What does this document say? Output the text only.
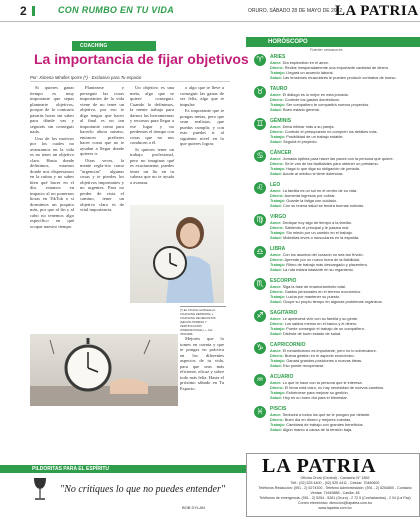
2	CON RUMBO EN TU VIDA	ORURO, SÁBADO 28 DE MAYO DE 2022
LA PATRIA
COACHING
La importancia de fijar objetivos
Por: Ximena Miralles Iporre (*) - Exclusivo para Tu espacio

Si quieres ganar tiempo es muy importante que sepas plantearte objetivos, porque de lo contrario pasarás horas sin saber para dónde vas y seguirás sin conseguir nada.

Uno de los motivos por los cuales no avanzamos en la vida es no tener un objetivo claro. Hasta donde definimos, estamos donde nos dispersamos en la rutina y no sabes bien qué hacer en el día, estamos en impacto al no ponernos horas en TikTok o si dormimos un poquito más, por que al fin y al cabo no tenemos algo específico en qué ocupar nuestro tiempo.

Plantearse y perseguir las cosas importantes de la vida viene de no tener un objetivo, por eso te digo tengas que hacer al final es no tan importante como para hacerlo ahora mismo, entonces prefieres hacer cosas que no te ayudan a llegar donde quieres ir.

Otras veces, la mente regla-rito como "urgencias" algunas cosas y te pierdes los objetivos importantes y no urgentes. Para no perder de vista el camino, tener un objetivo claro es de vital importancia.

Un objetivo es una meta, algo que se quiere conseguir. Cuando lo definimos, la mente trabaja para darnos las herramientas y recursos para llegar a ese lugar y no perdemos el tiempo con cosas que no nos conducen a él.

Si quieres tener un trabajo profesional, pero no imaginas qué es exactamente, puedes tener un lío en tu cabeza que no te ayuda a avanzar.

o algo que te lleve a conseguir las ganas de ser feliz, algo que te impulse.

Es importante que te pongas metas, pero que sean realistas, que puedas cumplir, y con esto puedes ir al siguiente nivel en lo que quieres lograr.

(*) Es COACH certificada en COACHING PERSONAL y COACHING DE NEGOCIOS (SEGÚN NORMAS Y CERTIFICACIÓN INTERNACIONAL) — Cel. 76913366

Mejores que lo tomes en cuenta y que te pongas en práctica en los diferentes aspectos de tu vida, para que seas más eficiente, eficaz y sobre todo más feliz. Hasta el próximo sábado en Tu Espacio.

PILDORITAS PARA EL ESPÍRITU
"No critiques lo que no puedes entender"
BOB DYLAN
HORÓSCOPO
Fuente: semana.es
♈	ARIES
Amor: Día esplendido en el amor.
Dinero: Recibe inesperadamente una importante cantidad de dinero.
Trabajo: Llegará un acuerdo laboral.
Salud: Las tensiones musculares le pueden producir contratos de hueso.
♉	TAURO
Amor: El diálogo es lo mejor en esta jornada.
Dinero: Controle los gastos domésticos.
Trabajo: Ser compañero te compartirá nuevos proyectos.
Salud: Buen estado general.
♊	GÉMINIS
Amor: Deba intimar más a su pareja.
Dinero: Controle el presupuesto no compren los detalles más.
Trabajo: Posibilidad de un trabajo estable.
Salud: Seguirá el proyecto.
♋	CÁNCER
Amor: Jornada óptima para hacer las paces con la persona que quiere.
Dinero: Se le van de las facilidades para obtener un préstamo.
Trabajo: Haga lo que diga su obligación de jornada.
Salud: Acude al médico si tiene dolencias.
♌	LEO
Amor: La familia es un sol en el centro de su vida.
Dinero: Aumenta ingresos por cobrar.
Trabajo: Guarde la fatiga con cuidado.
Salud: Con su buena salud se tendrá buenas noticias.
♍	VIRGO
Amor: Dedique hoy algo de tiempo a la familia.
Dinero: Sabiendo el principal y le pasará mal.
Trabajo: Sin miedo por un cambio en el trabajo.
Salud: Molestias leves o musculares en la espalda.
♎	LIBRA
Amor: Con los asuntos del corazón no sea tan frívolo.
Dinero: Aprende por un nuevo fuera de la fiabilidad.
Trabajo: Ritmo de trabajo más descargado y placentero.
Salud: La ruta estará bastante en su organismo.
♏	ESCORPIO
Amor: Siga la fase de enamoramiento total.
Dinero: Gastos personales en el terreno económico.
Trabajo: Lucha por mantener su puesto.
Salud: Ocupe su propio tiempo en algunas problemas orgánicos.
♐	SAGITARIO
Amor: Le apetecerá vivir con su familia y su gente.
Dinero: Los saldos menos en el banco y el dinero.
Trabajo: Puede conseguir el trabajo de un compañero.
Salud: Disfrute de buen estado de salud.
♑	CAPRICORNIO
Amor: El romanticismo es importante, pero no lo sobrevalore.
Dinero: Buena gestión en el aspecto económico.
Trabajo: Ganará grandes posiciones o nuevas ideas.
Salud: Eso puede recuperarse.
♒	ACUARIO
Amor: Lo que te hace con la persona que le interesa.
Dinero: El tema está claro, no hay necesidad de nuevos cambios.
Trabajo: Esfuércese para mejorar su gestión.
Salud: Hoy es un buen día para el bienestar.
♓	PISCIS
Amor: Seducirá a todos los que se le pongan por delante.
Dinero: Buen día en dinero y mejores cuentas.
Trabajo: Cambiará de trabajo con grandes beneficios.
Salud: Algún mareo a causa de la tensión baja.
LA PATRIA
Oficina Oruro (Central) - Camacho N° 1892
Telf.: (02) 525 4400 - (02) 525 4411 - Celular: 70480600
Teléfonos Redacción: (591 - 2) 5274100 - Telefono Administración: (591 - 2) 5254800 - Contacto
Ventas: 71649888 - Casilla: 48
Teléfonos de emergencia: (591 - 2) 5254 - 5281 (Oruro) - 2 72 5 (Cochabamba) - 2 04 (La Paz)
Correo electrónico: direccion@lapatria.com.bo
www.lapatria.com.bo
